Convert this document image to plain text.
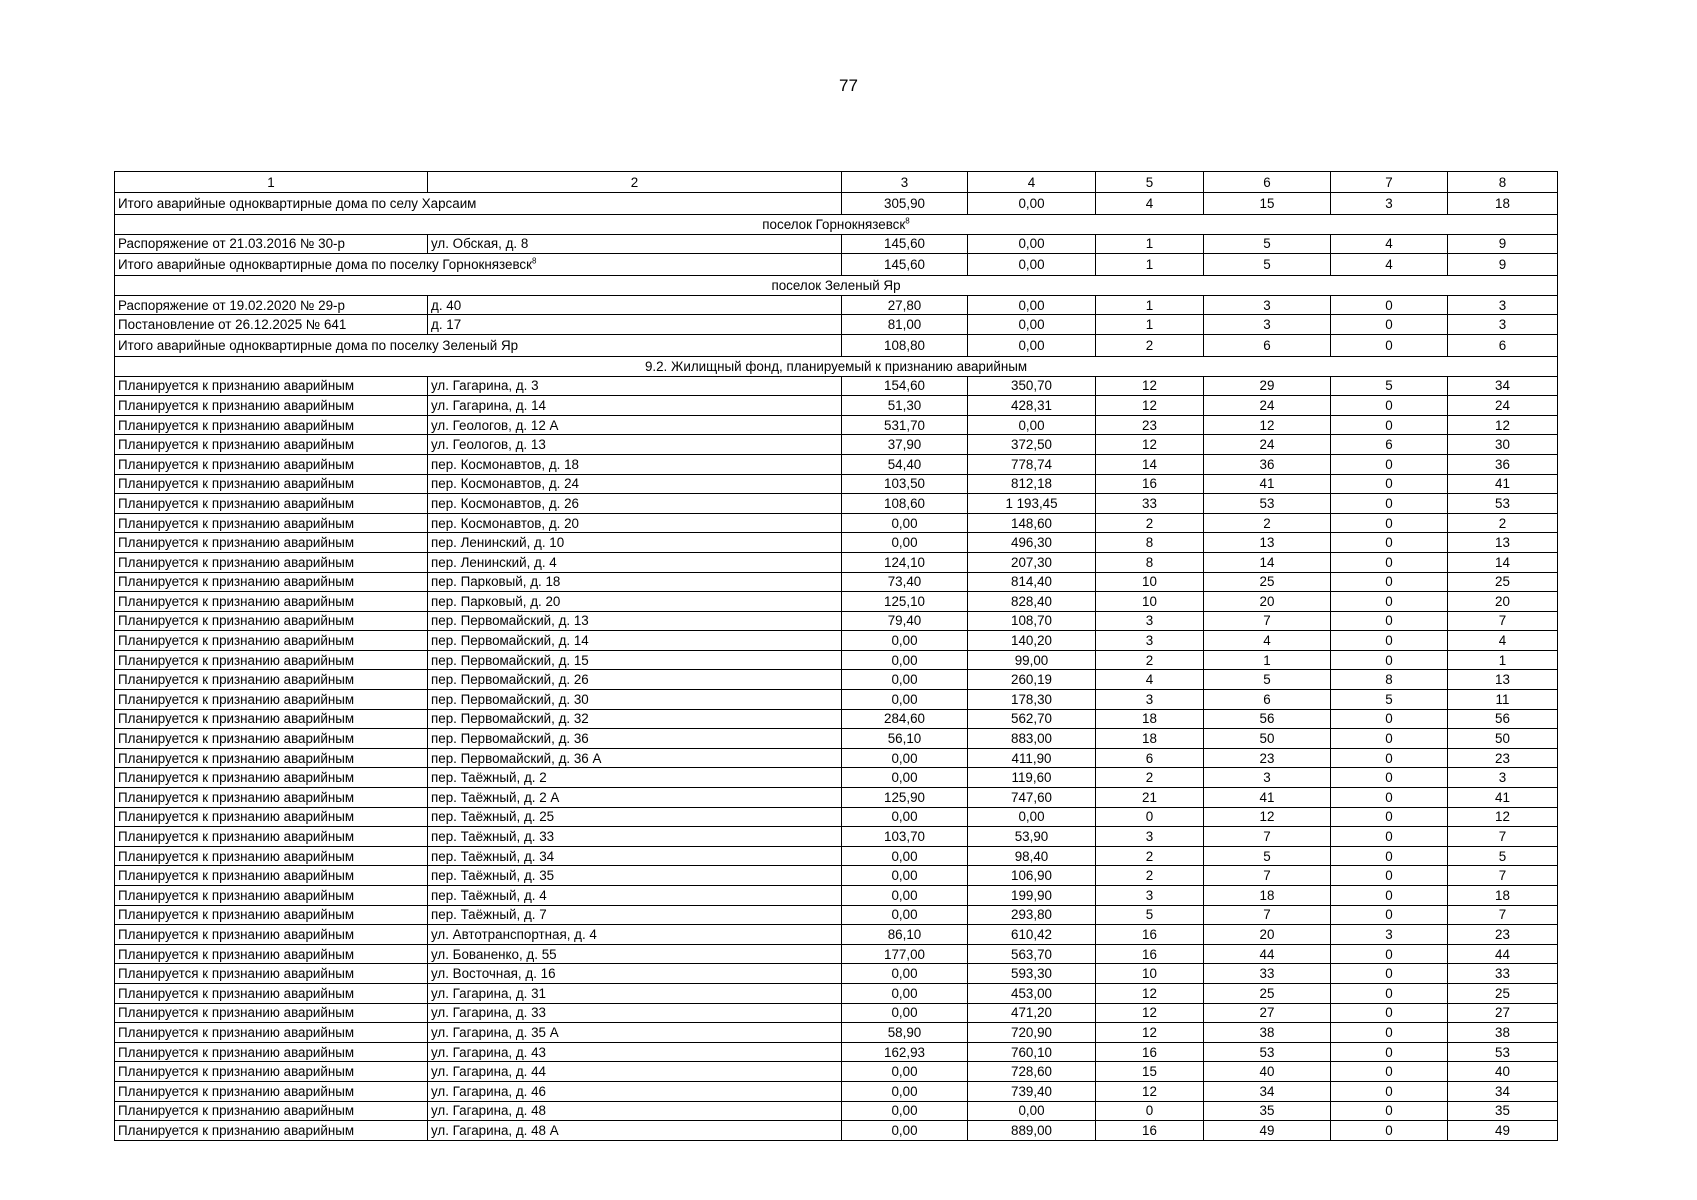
77
1	2	3	4	5	6	7	8
Итого аварийные одноквартирные дома по селу Харсаим		305,90	0,00	4	15	3	18
поселок Горнокнязевск$^8$
Распоряжение от 21.03.2016 № 30-р	ул. Обская, д. 8	145,60	0,00	1	5	4	9
Итого аварийные одноквартирные дома по поселку Горнокнязевск$^8$		145,60	0,00	1	5	4	9
поселок Зеленый Яр							
Распоряжение от 19.02.2020 № 29-р	д. 40	27,80	0,00	1	3	0	3
Постановление от 26.12.2025 № 641	д. 17	81,00	0,00	1	3	0	3
Итого аварийные одноквартирные дома по поселку Зеленый Яр		108,80	0,00	2	6	0	6
9.2. Жилищный фонд, планируемый к признанию аварийным							
Планируется к признанию аварийным	ул. Гагарина, д. 3	154,60	350,70	12	29	5	34
Планируется к признанию аварийным	ул. Гагарина, д. 14	51,30	428,31	12	24	0	24
Планируется к признанию аварийным	ул. Геологов, д. 12 А	531,70	0,00	23	12	0	12
Планируется к признанию аварийным	ул. Геологов, д. 13	37,90	372,50	12	24	6	30
Планируется к признанию аварийным	пер. Космонавтов, д. 18	54,40	778,74	14	36	0	36
Планируется к признанию аварийным	пер. Космонавтов, д. 24	103,50	812,18	16	41	0	41
Планируется к признанию аварийным	пер. Космонавтов, д. 26	108,60	1 193,45	33	53	0	53
Планируется к признанию аварийным	пер. Космонавтов, д. 20	0,00	148,60	2	2	0	2
Планируется к признанию аварийным	пер. Ленинский, д. 10	0,00	496,30	8	13	0	13
Планируется к признанию аварийным	пер. Ленинский, д. 4	124,10	207,30	8	14	0	14
Планируется к признанию аварийным	пер. Парковый, д. 18	73,40	814,40	10	25	0	25
Планируется к признанию аварийным	пер. Парковый, д. 20	125,10	828,40	10	20	0	20
Планируется к признанию аварийным	пер. Первомайский, д. 13	79,40	108,70	3	7	0	7
Планируется к признанию аварийным	пер. Первомайский, д. 14	0,00	140,20	3	4	0	4
Планируется к признанию аварийным	пер. Первомайский, д. 15	0,00	99,00	2	1	0	1
Планируется к признанию аварийным	пер. Первомайский, д. 26	0,00	260,19	4	5	8	13
Планируется к признанию аварийным	пер. Первомайский, д. 30	0,00	178,30	3	6	5	11
Планируется к признанию аварийным	пер. Первомайский, д. 32	284,60	562,70	18	56	0	56
Планируется к признанию аварийным	пер. Первомайский, д. 36	56,10	883,00	18	50	0	50
Планируется к признанию аварийным	пер. Первомайский, д. 36 А	0,00	411,90	6	23	0	23
Планируется к признанию аварийным	пер. Таёжный, д. 2	0,00	119,60	2	3	0	3
Планируется к признанию аварийным	пер. Таёжный, д. 2 А	125,90	747,60	21	41	0	41
Планируется к признанию аварийным	пер. Таёжный, д. 25	0,00	0,00	0	12	0	12
Планируется к признанию аварийным	пер. Таёжный, д. 33	103,70	53,90	3	7	0	7
Планируется к признанию аварийным	пер. Таёжный, д. 34	0,00	98,40	2	5	0	5
Планируется к признанию аварийным	пер. Таёжный, д. 35	0,00	106,90	2	7	0	7
Планируется к признанию аварийным	пер. Таёжный, д. 4	0,00	199,90	3	18	0	18
Планируется к признанию аварийным	пер. Таёжный, д. 7	0,00	293,80	5	7	0	7
Планируется к признанию аварийным	ул. Автотранспортная, д. 4	86,10	610,42	16	20	3	23
Планируется к признанию аварийным	ул. Бованенко, д. 55	177,00	563,70	16	44	0	44
Планируется к признанию аварийным	ул. Восточная, д. 16	0,00	593,30	10	33	0	33
Планируется к признанию аварийным	ул. Гагарина, д. 31	0,00	453,00	12	25	0	25
Планируется к признанию аварийным	ул. Гагарина, д. 33	0,00	471,20	12	27	0	27
Планируется к признанию аварийным	ул. Гагарина, д. 35 А	58,90	720,90	12	38	0	38
Планируется к признанию аварийным	ул. Гагарина, д. 43	162,93	760,10	16	53	0	53
Планируется к признанию аварийным	ул. Гагарина, д. 44	0,00	728,60	15	40	0	40
Планируется к признанию аварийным	ул. Гагарина, д. 46	0,00	739,40	12	34	0	34
Планируется к признанию аварийным	ул. Гагарина, д. 48	0,00	0,00	0	35	0	35
Планируется к признанию аварийным	ул. Гагарина, д. 48 А	0,00	889,00	16	49	0	49
